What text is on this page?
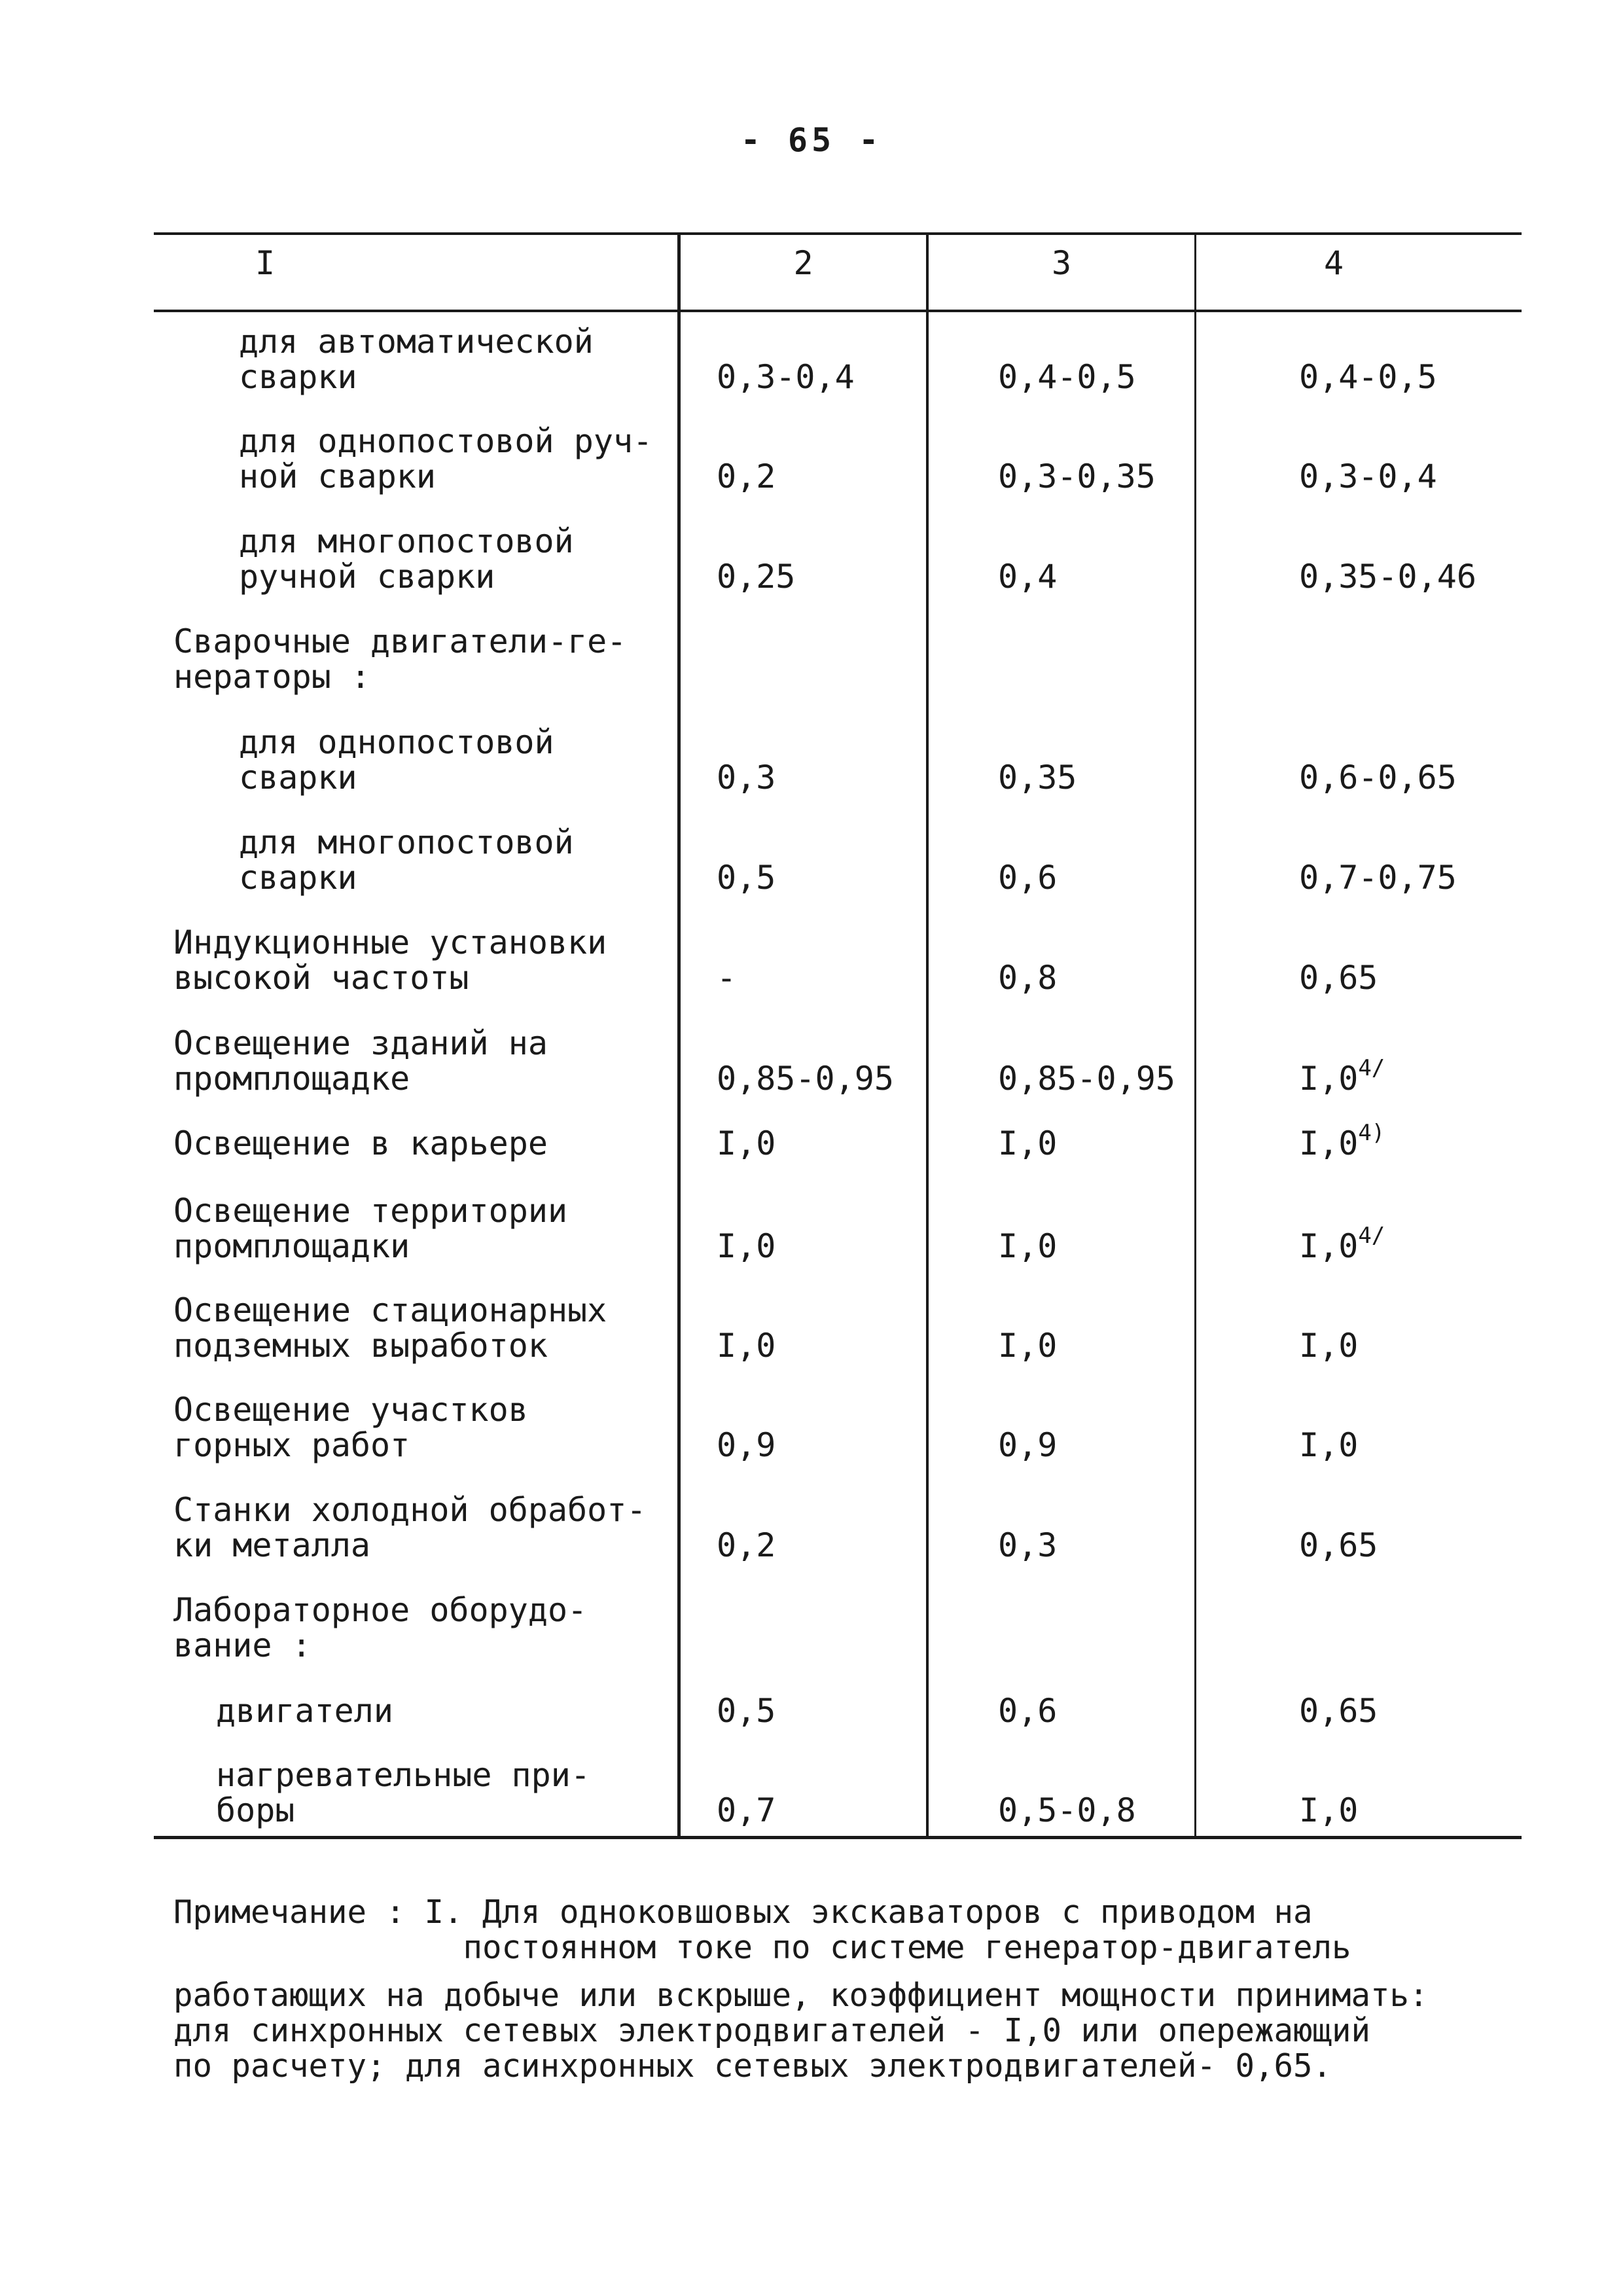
- 65 -
I	2	3	4
для автоматической
сварки	0,3-0,4	0,4-0,5	0,4-0,5
для однопостовой руч-
ной сварки	0,2	0,3-0,35	0,3-0,4
для многопостовой
ручной сварки	0,25	0,4	0,35-0,46
Сварочные двигатели-ге-
нераторы :
для однопостовой
сварки	0,3	0,35	0,6-0,65
для многопостовой
сварки	0,5	0,6	0,7-0,75
Индукционные установки
высокой частоты	-	0,8	0,65
Освещение зданий на
промплощадке	0,85-0,95	0,85-0,95	$I,0^{4/}$
Освещение в карьере	I,0	I,0	I,0$^{4)}$
Освещение территории
промплощадки	I,0	I,0	$I,0^{4/}$
Освещение стационарных
подземных выработок	I,0	I,0	I,0
Освещение участков
горных работ	0,9	0,9	I,0
Станки холодной обработ-
ки металла	0,2	0,3	0,65
Лабораторное оборудо-
вание :
двигатели	0,5	0,6	0,65
нагревательные при-
боры	0,7	0,5-0,8	I,0
Примечание : I. Для одноковшовых экскаваторов с приводом на
постоянном токе по системе генератор-двигатель
работающих на добыче или вскрыше, коэффициент мощности принимать:
для синхронных сетевых электродвигателей - I,0 или опережающий
по расчету; для асинхронных сетевых электродвигателей- 0,65.
